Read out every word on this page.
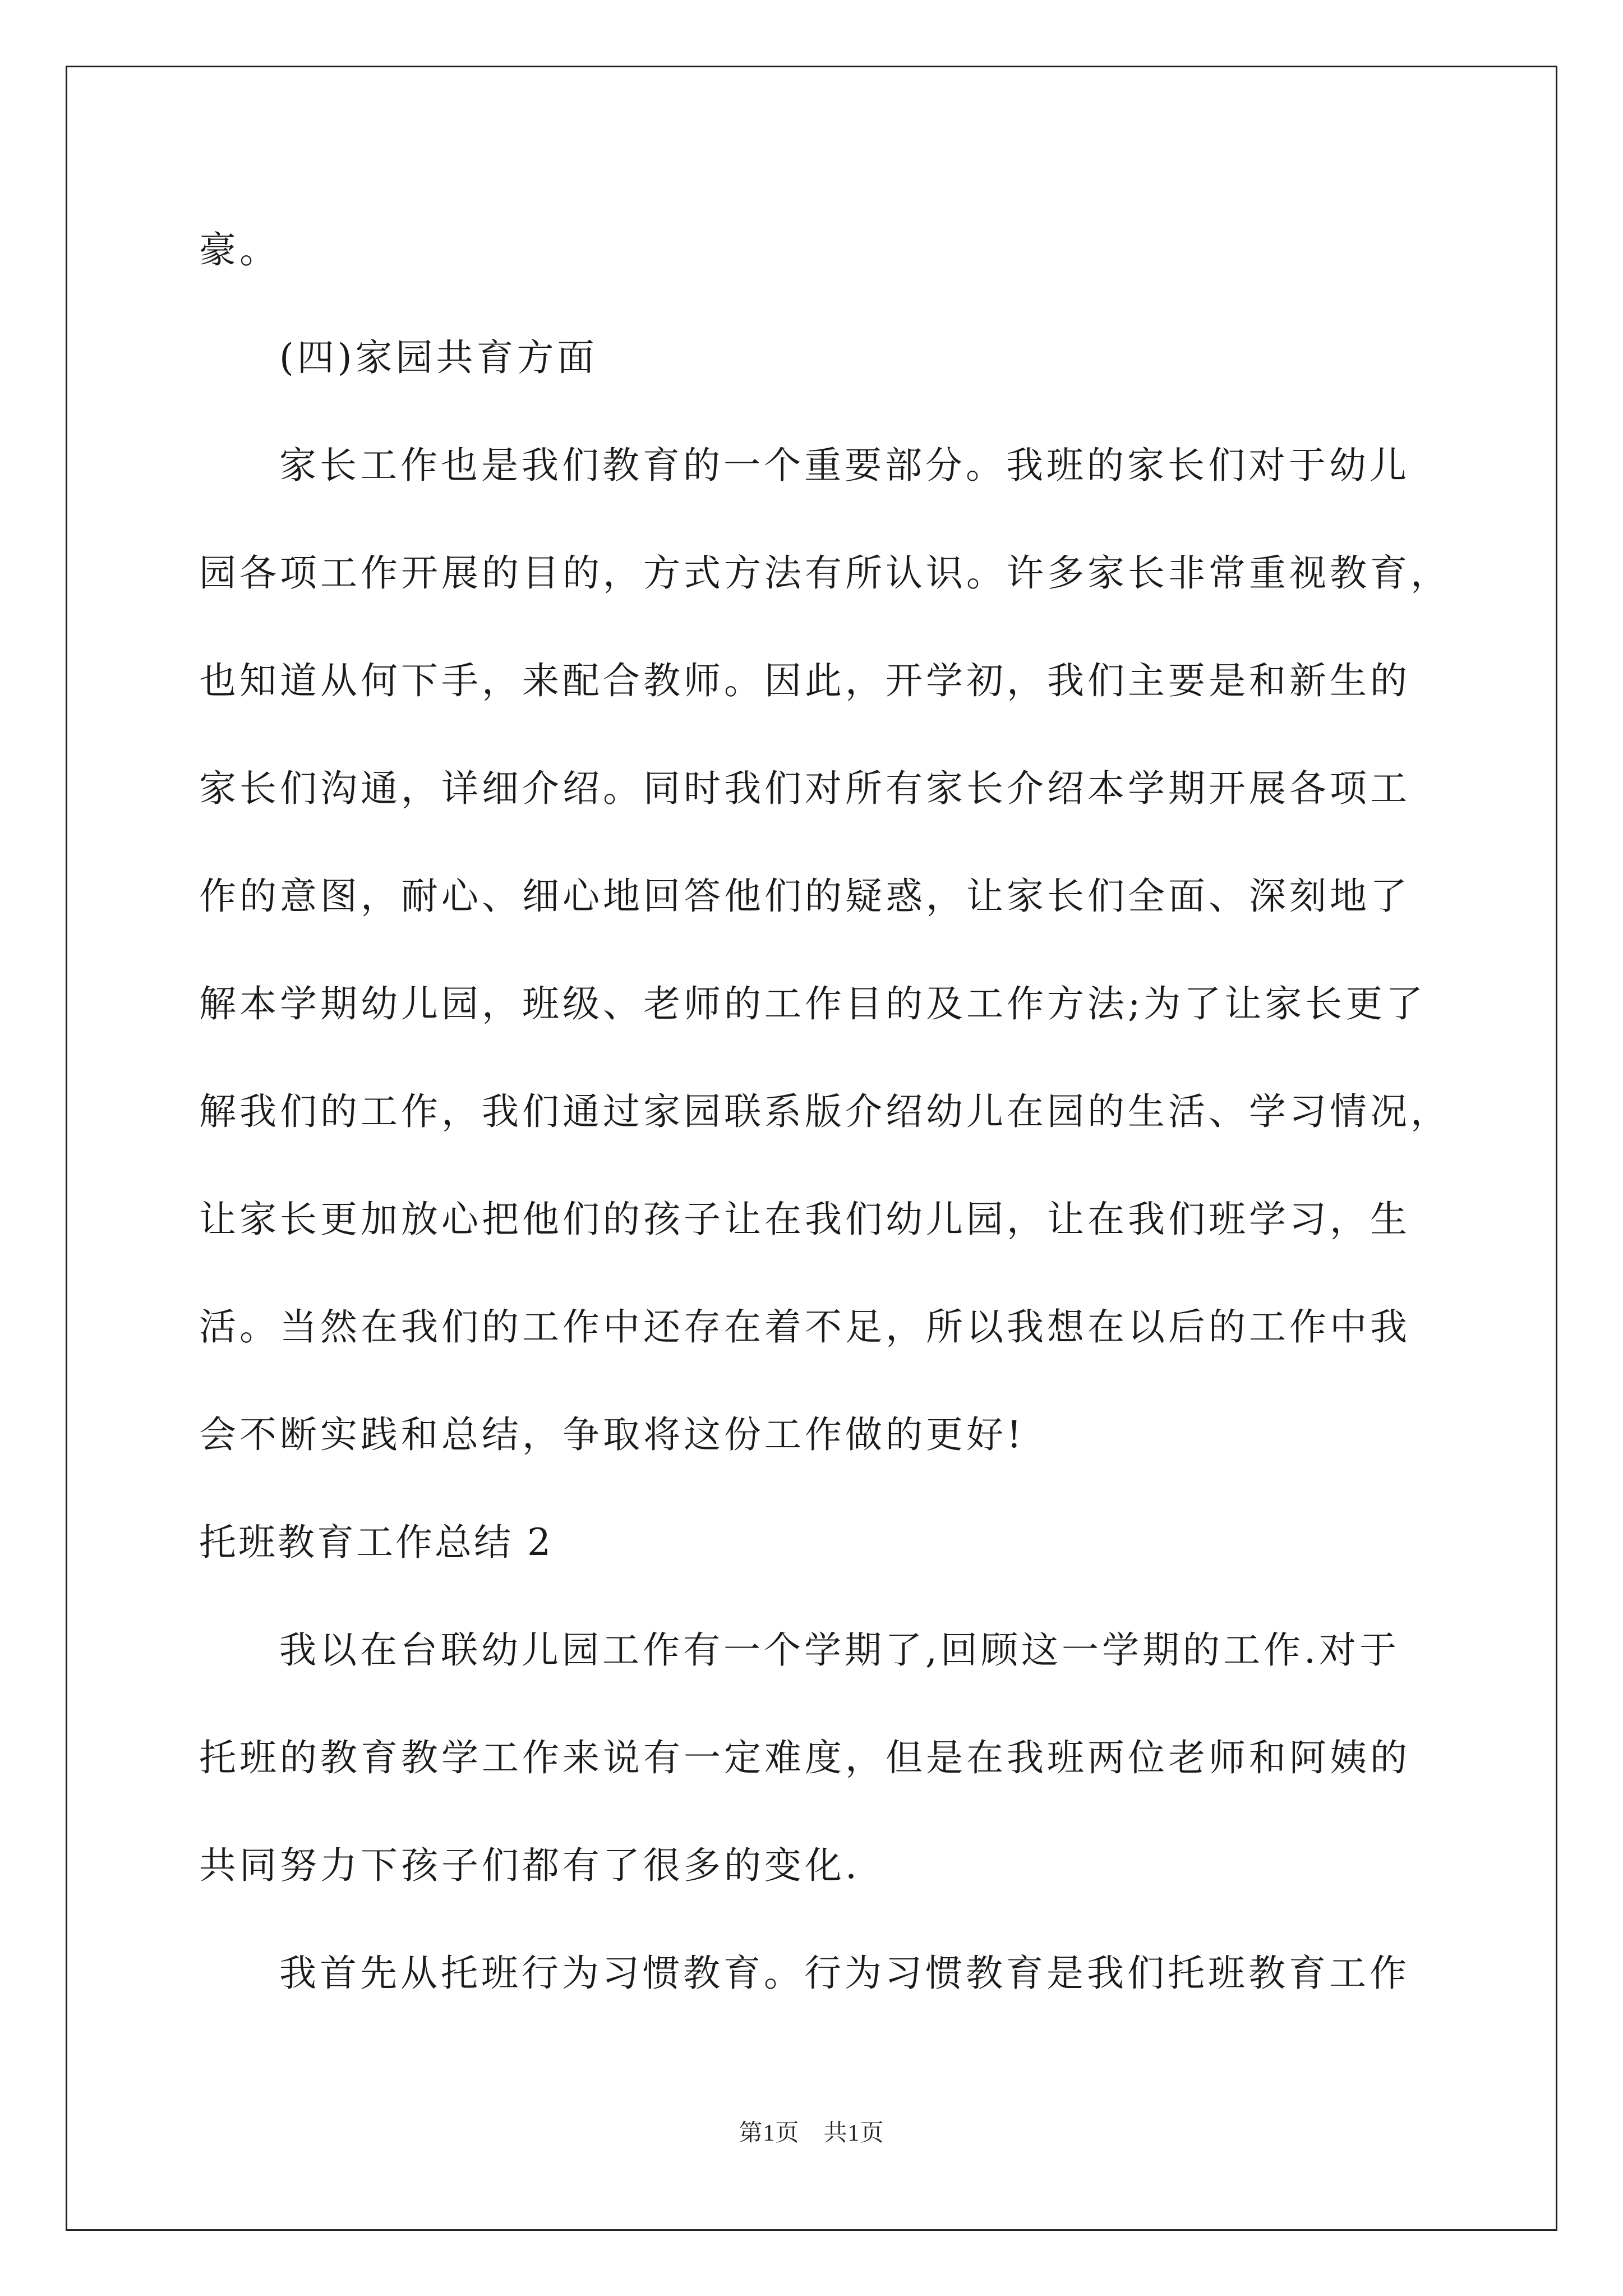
豪。
(四)家园共育方面
家长工作也是我们教育的一个重要部分。我班的家长们对于幼儿
园各项工作开展的目的，方式方法有所认识。许多家长非常重视教育，
也知道从何下手，来配合教师。因此，开学初，我们主要是和新生的
家长们沟通，详细介绍。同时我们对所有家长介绍本学期开展各项工
作的意图，耐心、细心地回答他们的疑惑，让家长们全面、深刻地了
解本学期幼儿园，班级、老师的工作目的及工作方法;为了让家长更了
解我们的工作，我们通过家园联系版介绍幼儿在园的生活、学习情况，
让家长更加放心把他们的孩子让在我们幼儿园，让在我们班学习，生
活。当然在我们的工作中还存在着不足，所以我想在以后的工作中我
会不断实践和总结，争取将这份工作做的更好!
托班教育工作总结 2
我以在台联幼儿园工作有一个学期了,回顾这一学期的工作.对于
托班的教育教学工作来说有一定难度，但是在我班两位老师和阿姨的
共同努力下孩子们都有了很多的变化.
我首先从托班行为习惯教育。行为习惯教育是我们托班教育工作
第1页　共1页
